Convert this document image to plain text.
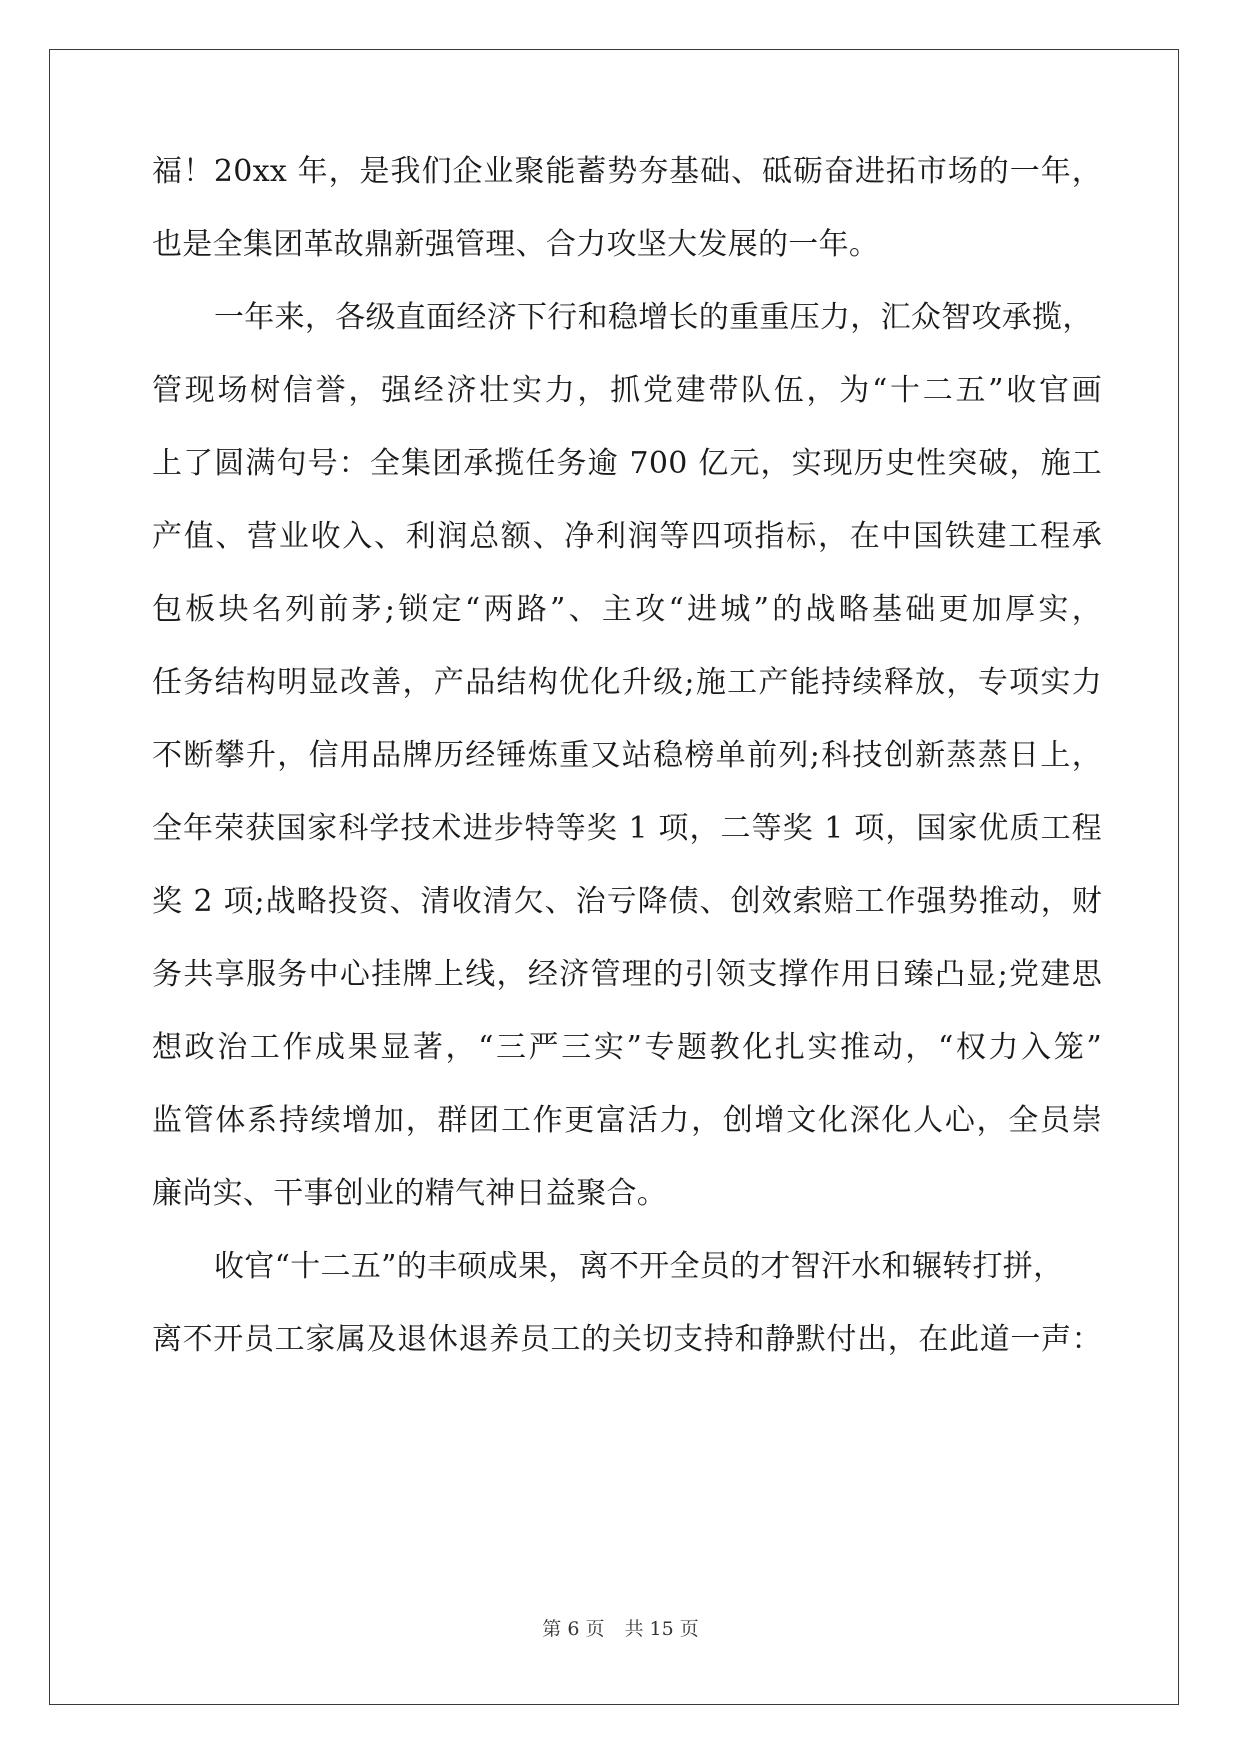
福！20xx 年，是我们企业聚能蓄势夯基础、砥砺奋进拓市场的一年，
也是全集团革故鼎新强管理、合力攻坚大发展的一年。
一年来，各级直面经济下行和稳增长的重重压力，汇众智攻承揽，
管现场树信誉，强经济壮实力，抓党建带队伍，为“十二五”收官画
上了圆满句号：全集团承揽任务逾 700 亿元，实现历史性突破，施工
产值、营业收入、利润总额、净利润等四项指标，在中国铁建工程承
包板块名列前茅;锁定“两路”、主攻“进城”的战略基础更加厚实，
任务结构明显改善，产品结构优化升级;施工产能持续释放，专项实力
不断攀升，信用品牌历经锤炼重又站稳榜单前列;科技创新蒸蒸日上，
全年荣获国家科学技术进步特等奖 1 项，二等奖 1 项，国家优质工程
奖 2 项;战略投资、清收清欠、治亏降债、创效索赔工作强势推动，财
务共享服务中心挂牌上线，经济管理的引领支撑作用日臻凸显;党建思
想政治工作成果显著，“三严三实”专题教化扎实推动，“权力入笼”
监管体系持续增加，群团工作更富活力，创增文化深化人心，全员崇
廉尚实、干事创业的精气神日益聚合。
收官“十二五”的丰硕成果，离不开全员的才智汗水和辗转打拼，
离不开员工家属及退休退养员工的关切支持和静默付出，在此道一声：
第 6 页 共 15 页
